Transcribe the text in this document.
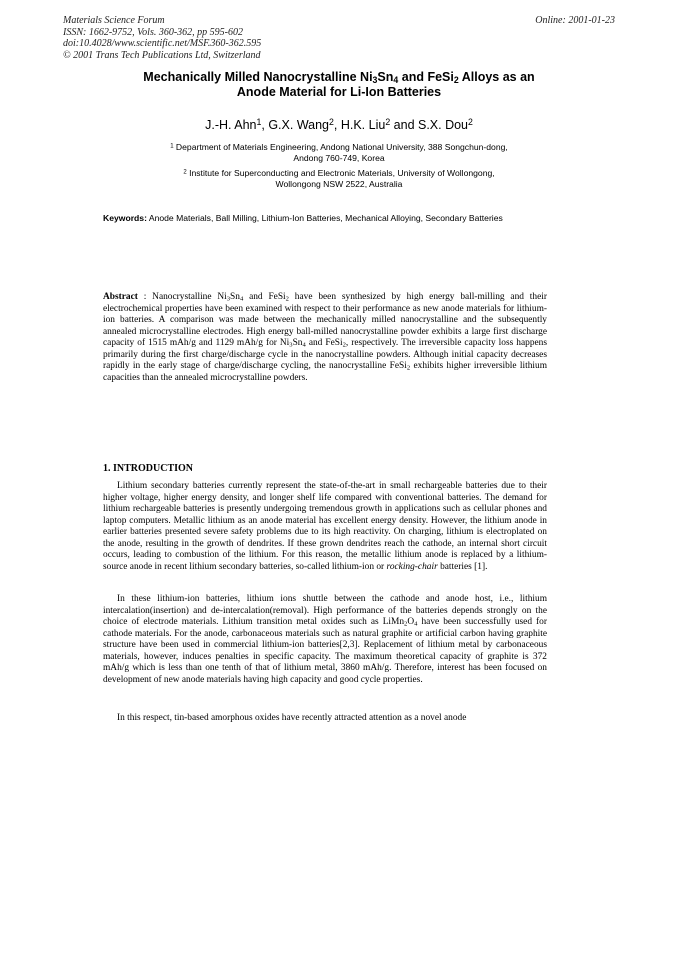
Materials Science Forum
ISSN: 1662-9752, Vols. 360-362, pp 595-602
doi:10.4028/www.scientific.net/MSF.360-362.595
© 2001 Trans Tech Publications Ltd, Switzerland
Online: 2001-01-23
Mechanically Milled Nanocrystalline $Ni_3Sn_4$ and FeSi$_2$ Alloys as an
Anode Material for Li-Ion Batteries
J.-H. Ahn$^1$, G.X. Wang$^2$, H.K. Liu$^2$ and S.X. Dou$^2$
$^1$ Department of Materials Engineering, Andong National University, 388 Songchun-dong,
Andong 760-749, Korea
$^2$ Institute for Superconducting and Electronic Materials, University of Wollongong,
Wollongong NSW 2522, Australia
Keywords: Anode Materials, Ball Milling, Lithium-Ion Batteries, Mechanical Alloying, Secondary Batteries
Abstract : Nanocrystalline $Ni_3Sn_4$ and FeSi$_2$ have been synthesized by high energy ball-milling and their electrochemical properties have been examined with respect to their performance as new anode materials for lithium-ion batteries. A comparison was made between the mechanically milled nanocrystalline and the subsequently annealed microcrystalline electrodes. High energy ball-milled nanocrystalline powder exhibits a large first discharge capacity of 1515 mAh/g and 1129 mAh/g for $Ni_3Sn_4$ and FeSi$_2$, respectively. The irreversible capacity loss happens primarily during the first charge/discharge cycle in the nanocrystalline powders. Although initial capacity decreases rapidly in the early stage of charge/discharge cycling, the nanocrystalline FeSi$_2$ exhibits higher irreversible lithium capacities than the annealed microcrystalline powders.
1. INTRODUCTION
Lithium secondary batteries currently represent the state-of-the-art in small rechargeable batteries due to their higher voltage, higher energy density, and longer shelf life compared with conventional batteries. The demand for lithium rechargeable batteries is presently undergoing tremendous growth in applications such as cellular phones and laptop computers. Metallic lithium as an anode material has excellent energy density. However, the lithium anode in earlier batteries presented severe safety problems due to its high reactivity. On charging, lithium is electroplated on the anode, resulting in the growth of dendrites. If these grown dendrites reach the cathode, an internal short circuit occurs, leading to combustion of the lithium. For this reason, the metallic lithium anode is replaced by a lithium-source anode in recent lithium secondary batteries, so-called lithium-ion or rocking-chair batteries [1].
In these lithium-ion batteries, lithium ions shuttle between the cathode and anode host, i.e., lithium intercalation(insertion) and de-intercalation(removal). High performance of the batteries depends strongly on the choice of electrode materials. Lithium transition metal oxides such as $LiMn_2O_4$ have been successfully used for cathode materials. For the anode, carbonaceous materials such as natural graphite or artificial carbon having graphite structure have been used in commercial lithium-ion batteries[2,3]. Replacement of lithium metal by carbonaceous materials, however, induces penalties in specific capacity. The maximum theoretical capacity of graphite is 372 mAh/g which is less than one tenth of that of lithium metal, 3860 mAh/g. Therefore, interest has been focused on development of new anode materials having high capacity and good cycle properties.
In this respect, tin-based amorphous oxides have recently attracted attention as a novel anode
